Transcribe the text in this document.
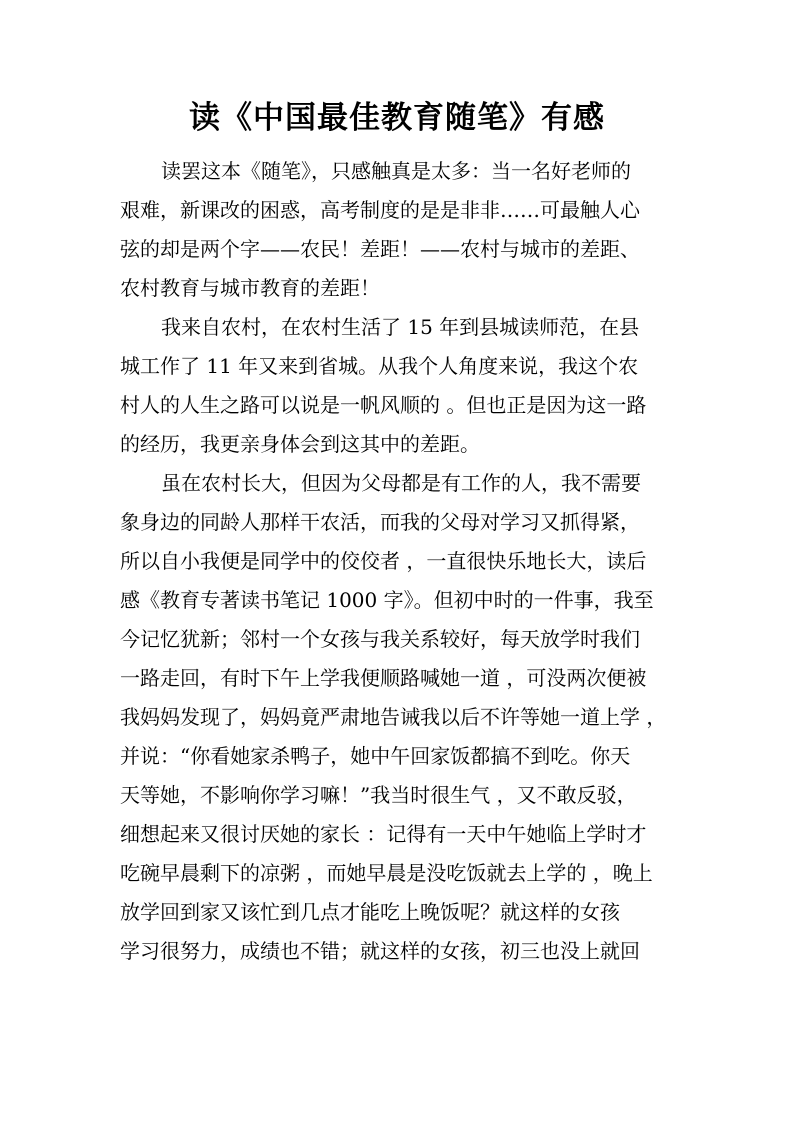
读《中国最佳教育随笔》有感
读罢这本《随笔》，只感触真是太多：当一名好老师的
艰难，新课改的困惑，高考制度的是是非非……可最触人心
弦的却是两个字——农民！差距！——农村与城市的差距、
农村教育与城市教育的差距！
我来自农村，在农村生活了 15 年到县城读师范，在县
城工作了 11 年又来到省城。从我个人角度来说，我这个农
村人的人生之路可以说是一帆风顺的 。但也正是因为这一路
的经历，我更亲身体会到这其中的差距。
虽在农村长大，但因为父母都是有工作的人，我不需要
象身边的同龄人那样干农活，而我的父母对学习又抓得紧，
所以自小我便是同学中的佼佼者 ，一直很快乐地长大，读后
感《教育专著读书笔记 1000 字》。但初中时的一件事，我至
今记忆犹新；邻村一个女孩与我关系较好，每天放学时我们
一路走回，有时下午上学我便顺路喊她一道 ，可没两次便被
我妈妈发现了，妈妈竟严肃地告诫我以后不许等她一道上学 ，
并说：“你看她家杀鸭子，她中午回家饭都搞不到吃。你天
天等她，不影响你学习嘛！”我当时很生气 ，又不敢反驳，
细想起来又很讨厌她的家长 ：记得有一天中午她临上学时才
吃碗早晨剩下的凉粥 ，而她早晨是没吃饭就去上学的 ，晚上
放学回到家又该忙到几点才能吃上晚饭呢？就这样的女孩
学习很努力，成绩也不错；就这样的女孩，初三也没上就回
